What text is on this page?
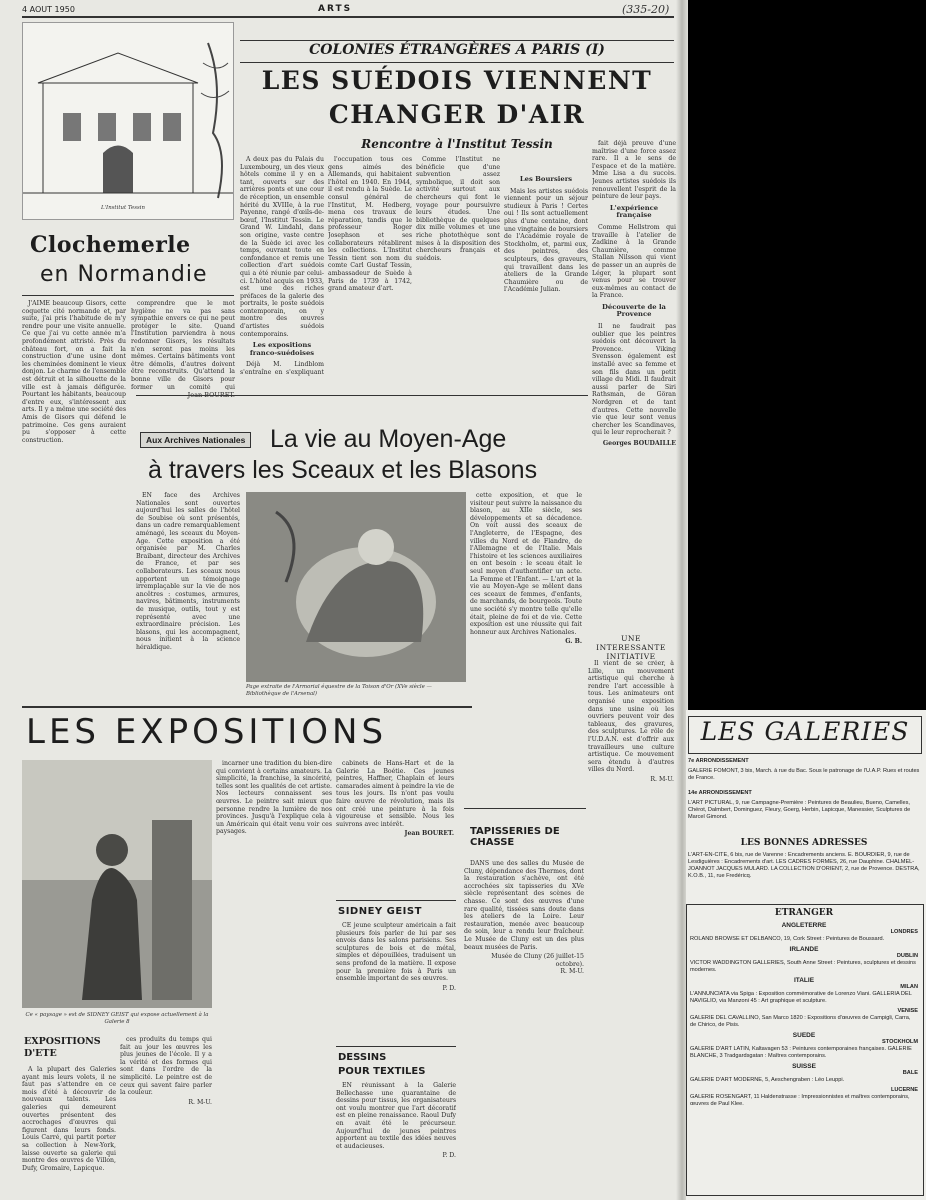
4 AOUT 1950	ARTS	(335-20)
L'Institut Tessin
Clochemerle
en Normandie

J'AIME beaucoup Gisors, cette coquette cité normande et, par suite, j'ai pris l'habitude de m'y rendre pour une visite annuelle. Ce que j'ai vu cette année m'a profondément attristé. Près du château fort, on a fait la construction d'une usine dont les cheminées dominent le vieux donjon. Le charme de l'ensemble est détruit et la silhouette de la ville est à jamais défigurée. Pourtant les habitants, beaucoup d'entre eux, s'intéressent aux arts. Il y a même une société des Amis de Gisors qui défend le patrimoine. Ces gens auraient pu s'opposer à cette construction.

comprendre que le mot hygiène ne va pas sans sympathie envers ce qui ne peut protéger le site. Quand l'Institution parviendra à nous redonner Gisors, les résultats n'en seront pas moins les mêmes. Certains bâtiments vont être démolis, d'autres doivent être reconstruits. Qu'attend la bonne ville de Gisors pour former un comité qui

COLONIES ÉTRANGÈRES A PARIS (I)
LES SUÉDOIS VIENNENT
CHANGER D'AIR
Rencontre à l'Institut Tessin

A deux pas du Palais du Luxembourg, un des vieux hôtels comme il y en a tant, ouverts sur des arrières ponts et une cour de réception, un ensemble hérité du XVIIIe, à la rue Payenne, rangé d'œils-de-bœuf, l'Institut Tessin. Le Grand W. Lindahl, dans son origine, vaste centre de la Suède ici avec les temps, ouvrant toute en confondance et remis une collection d'art suédois qui a été réunie par celui-ci. L'hôtel acquis en 1933, est une des riches préfaces de la galerie des portraits, le poste suédois contemporain, on y montre des œuvres d'artistes suédois contemporains.

Les expositions franco-suédoises

Déjà M. Lindblom s'entraîne en s'expliquant

l'occupation tous ces gens aimés des Allemands, qui habitaient l'hôtel en 1940. En 1944, il est rendu à la Suède. Le consul général de l'Institut, M. Hedberg, mena ces travaux de réparation, tandis que le professeur Roger Josephson et ses collaborateurs rétablirent les collections. L'Institut Tessin tient son nom du comte Carl Gustaf Tessin, ambassadeur de Suède à Paris de 1739 à 1742, grand amateur d'art.

Comme l'Institut ne bénéficie que d'une subvention assez symbolique, il doit son activité surtout aux chercheurs qui font le voyage pour poursuivre leurs études. Une bibliothèque de quelques dix mille volumes et une riche photothèque sont mises à la disposition des chercheurs français et suédois.

Les Boursiers

Mais les artistes suédois viennent pour un séjour studieux à Paris ! Certes oui ! Ils sont actuellement plus d'une centaine, dont une vingtaine de boursiers de l'Académie royale de Stockholm, et, parmi eux, des peintres, des sculpteurs, des graveurs, qui travaillent dans les ateliers de la Grande Chaumière ou de l'Académie Julian.

fait déjà preuve d'une maîtrise d'une force assez rare. Il a le sens de l'espace et de la matière. Mme Lisa a du succès. Jeunes artistes suédois ils renouvellent l'esprit de la peinture de leur pays.

L'expérience française

Comme Hellstrom qui travaille à l'atelier de Zadkine à la Grande Chaumière, comme Stallan Nilsson qui vient de passer un an auprès de Léger, la plupart sont venus pour se trouver eux-mêmes au contact de la France.

Découverte de la Provence

Il ne faudrait pas oublier que les peintres suédois ont découvert la Provence. Viking Svensson également est installé avec sa femme et son fils dans un petit village du Midi. Il faudrait aussi parler de Siri Rathsman, de Göran Nordgren et de tant d'autres. Cette nouvelle vie que leur sont venus chercher les Scandinaves, qui le leur reprocherait ?

Georges BOUDAILLE
Aux Archives Nationales La vie au Moyen-Age
à travers les Sceaux et les Blasons

EN face des Archives Nationales sont ouvertes aujourd'hui les salles de l'hôtel de Soubise où sont présentés, dans un cadre remarquablement aménagé, les sceaux du Moyen-Age. Cette exposition a été organisée par M. Charles Braibant, directeur des Archives de France, et par ses collaborateurs. Les sceaux nous apportent un témoignage irremplaçable sur la vie de nos ancêtres : costumes, armures, navires, bâtiments, instruments de musique, outils, tout y est représenté avec une extraordinaire précision. Les blasons, qui les accompagnent, nous initient à la science héraldique.

Page extraite de l'Armorial équestre de la Toison d'Or (XVe siècle — Bibliothèque de l'Arsenal)

cette exposition, et que le visiteur peut suivre la naissance du blason, au XIIe siècle, ses développements et sa décadence. On voit aussi des sceaux de l'Angleterre, de l'Espagne, des villes du Nord et de Flandre, de l'Allemagne et de l'Italie. Mais l'histoire et les sciences auxiliaires en ont besoin : le sceau était le seul moyen d'authentifier un acte. La Femme et l'Enfant. — L'art et la vie au Moyen-Age se mêlent dans ces sceaux de femmes, d'enfants, de marchands, de bourgeois. Toute une société s'y montre telle qu'elle était, pleine de foi et de vie. Cette exposition est une réussite qui fait honneur aux Archives Nationales.

G. B.	UNE INTERESSANTE INITIATIVE

Il vient de se créer, à Lille, un mouvement artistique qui cherche à rendre l'art accessible à tous. Les animateurs ont organisé une exposition dans une usine où les ouvriers peuvent voir des tableaux, des gravures, des sculptures. Le rôle de l'U.D.A.N. est d'offrir aux travailleurs une culture artistique. Ce mouvement sera étendu à d'autres villes du Nord.

R. M-U.
LES EXPOSITIONS
Ce « paysage » est de SIDNEY GEIST qui expose actuellement à la Galerie 8
EXPOSITIONS
D'ETE

A la plupart des Galeries ayant mis leurs volets, il ne faut pas s'attendre en ce mois d'été à découvrir de nouveaux talents. Les galeries qui demeurent ouvertes présentent des accrochages d'œuvres qui figurent dans leurs fonds. Louis Carré, qui partit porter sa collection à New-York, laisse ouverte sa galerie qui montre des œuvres de Villon, Dufy, Gromaire, Lapicque.

ces produits du temps qui fait au jour les œuvres les plus jeunes de l'école. Il y a la vérité et des formes qui sont dans l'ordre de la simplicité. Le peintre est de ceux qui savent faire parler la couleur.

R. M-U.

incarner une tradition du bien-dire qui convient à certains amateurs. La simplicité, la franchise, la sincérité, telles sont les qualités de cet artiste. Nos lecteurs connaissent ses œuvres. Le peintre sait mieux que personne rendre la lumière de nos provinces. Jusqu'à l'explique cela à un Américain qui était venu voir ces paysages.

cabinets de Hans-Hart et de la Galerie La Boétie. Ces jeunes peintres, Haffner, Chaplain et leurs camarades aiment à peindre la vie de tous les jours. Ils n'ont pas voulu faire œuvre de révolution, mais ils ont créé une peinture à la fois vigoureuse et sensible. Nous les suivrons avec intérêt.

Jean BOURET.
SIDNEY GEIST

CE jeune sculpteur américain a fait plusieurs fois parler de lui par ses envois dans les salons parisiens. Ses sculptures de bois et de métal, simples et dépouillées, traduisent un sens profond de la matière. Il expose pour la première fois à Paris un ensemble important de ses œuvres.

P. D.
DESSINS
POUR TEXTILES

EN réunissant à la Galerie Bellechasse une quarantaine de dessins pour tissus, les organisateurs ont voulu montrer que l'art décoratif est en pleine renaissance. Raoul Dufy en avait été le précurseur. Aujourd'hui de jeunes peintres apportent au textile des idées neuves et audacieuses.

P. D.
TAPISSERIES DE CHASSE

DANS une des salles du Musée de Cluny, dépendance des Thermes, dont la restauration s'achève, ont été accrochées six tapisseries du XVe siècle représentant des scènes de chasse. Ce sont des œuvres d'une rare qualité, tissées sans doute dans les ateliers de la Loire. Leur restauration, menée avec beaucoup de soin, leur a rendu leur fraîcheur. Le Musée de Cluny est un des plus beaux musées de Paris.

Musée de Cluny (26 juillet-15 octobre).
R. M-U.
LES GALERIES
7e ARRONDISSEMENT
GALERIE FOMONT, 3 bis, March. à rue du Bac. Sous le patronage de l'U.A.P. Rues et routes de France.
14e ARRONDISSEMENT
L'ART PICTURAL, 9, rue Campagne-Première : Peintures de Beaulieu, Bueno, Camelles, Chérot, Dalmbert, Dominguez, Fleury, Goerg, Herbin, Lapicque, Manessier, Sculptures de Marcel Gimond.
LES BONNES ADRESSES
L'ART-EN-CITÉ, 6 bis, rue de Varenne : Encadrements anciens. E. BOURDIER, 9, rue de Lesdiguières : Encadrements d'art. LES CADRES FORMES, 26, rue Dauphine. CHALMEL-JOANNOT JACQUES MULARD. LA COLLECTION D'ORIENT, 2, rue de Provence. DESTRA, K.O.B., 11, rue Fredéricq.
ETRANGER
ANGLETERRE
LONDRES
ROLAND BROWSE ET DELBANCO, 19, Cork Street : Peintures de Boussard.
IRLANDE
DUBLIN
VICTOR WADDINGTON GALLERIES, South Anne Street : Peintures, sculptures et dessins modernes.
ITALIE
MILAN
L'ANNUNCIATA via Spiga : Exposition commémorative de Lorenzo Viani. GALLERIA DEL NAVIGLIO, via Manzoni 45 : Art graphique et sculpture.
VENISE
GALERIE DEL CAVALLINO, San Marco 1820 : Expositions d'œuvres de Campigli, Carra, de Chirico, de Pisis.
SUEDE
STOCKHOLM
GALERIE D'ART LATIN, Kaltavagen 53 : Peintures contemporaines françaises. GALERIE BLANCHE, 3 Tradgardsgatan : Maîtres contemporains.
SUISSE
BALE
GALERIE D'ART MODERNE, 5, Aeschengraben : Léo Leuppi.
LUCERNE
GALERIE ROSENGART, 11 Haldenstrasse : Impressionnistes et maîtres contemporains, œuvres de Paul Klee.
